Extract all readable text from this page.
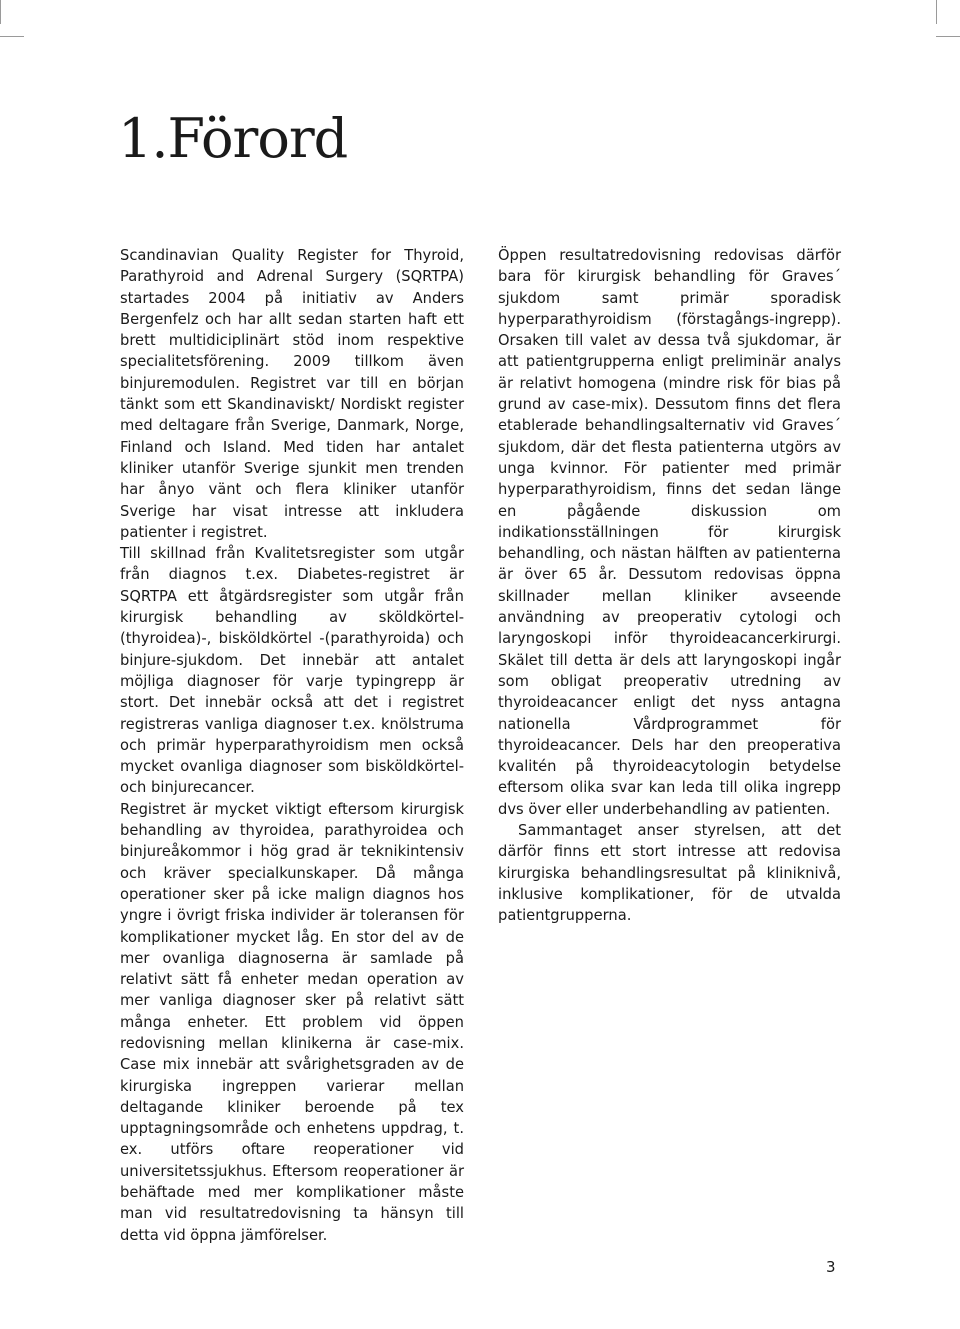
1.Förord

Scandinavian Quality Register for Thyroid, Parathyroid and Adrenal Surgery (SQRTPA) startades 2004 på initiativ av Anders Bergenfelz och har allt sedan starten haft ett brett multidiciplinärt stöd inom respektive specialitetsförening. 2009 tillkom även binjuremodulen. Registret var till en början tänkt som ett Skandinaviskt/ Nordiskt register med deltagare från Sverige, Danmark, Norge, Finland och Island. Med tiden har antalet kliniker utanför Sverige sjunkit men trenden har ånyo vänt och flera kliniker utanför Sverige har visat intresse att inkludera patienter i registret.

Till skillnad från Kvalitetsregister som utgår från diagnos t.ex. Diabetes-registret är SQRTPA ett åtgärdsregister som utgår från kirurgisk behandling av sköldkörtel- (thyroidea)-, bisköldkörtel -(parathyroida) och binjure-sjukdom. Det innebär att antalet möjliga diagnoser för varje typingrepp är stort. Det innebär också att det i registret registreras vanliga diagnoser t.ex. knölstruma och primär hyperparathyroidism men också mycket ovanliga diagnoser som bisköldkörtel- och binjurecancer.

Registret är mycket viktigt eftersom kirurgisk behandling av thyroidea, parathyroidea och binjureåkommor i hög grad är teknikintensiv och kräver specialkunskaper. Då många operationer sker på icke malign diagnos hos yngre i övrigt friska individer är toleransen för komplikationer mycket låg. En stor del av de mer ovanliga diagnoserna är samlade på relativt sätt få enheter medan operation av mer vanliga diagnoser sker på relativt sätt många enheter. Ett problem vid öppen redovisning mellan klinikerna är case-mix. Case mix innebär att svårighetsgraden av de kirurgiska ingreppen varierar mellan deltagande kliniker beroende på tex upptagningsområde och enhetens uppdrag, t. ex. utförs oftare reoperationer vid universitetssjukhus. Eftersom reoperationer är behäftade med mer komplikationer måste man vid resultatredovisning ta hänsyn till detta vid öppna jämförelser.

Öppen resultatredovisning redovisas därför bara för kirurgisk behandling för Graves´ sjukdom samt primär sporadisk hyperparathyroidism (förstagångs-ingrepp). Orsaken till valet av dessa två sjukdomar, är att patientgrupperna enligt preliminär analys är relativt homogena (mindre risk för bias på grund av case-mix). Dessutom finns det flera etablerade behandlingsalternativ vid Graves´ sjukdom, där det flesta patienterna utgörs av unga kvinnor. För patienter med primär hyperparathyroidism, finns det sedan länge en pågående diskussion om indikationsställningen för kirurgisk behandling, och nästan hälften av patienterna är över 65 år. Dessutom redovisas öppna skillnader mellan kliniker avseende användning av preoperativ cytologi och laryngoskopi inför thyroideacancerkirurgi. Skälet till detta är dels att laryngoskopi ingår som obligat preoperativ utredning av thyroideacancer enligt det nyss antagna nationella Vårdprogrammet för thyroideacancer. Dels har den preoperativa kvalitén på thyroideacytologin betydelse eftersom olika svar kan leda till olika ingrepp dvs över eller underbehandling av patienten.

Sammantaget anser styrelsen, att det därför finns ett stort intresse att redovisa kirurgiska behandlingsresultat på kliniknivå, inklusive komplikationer, för de utvalda patientgrupperna.

3
